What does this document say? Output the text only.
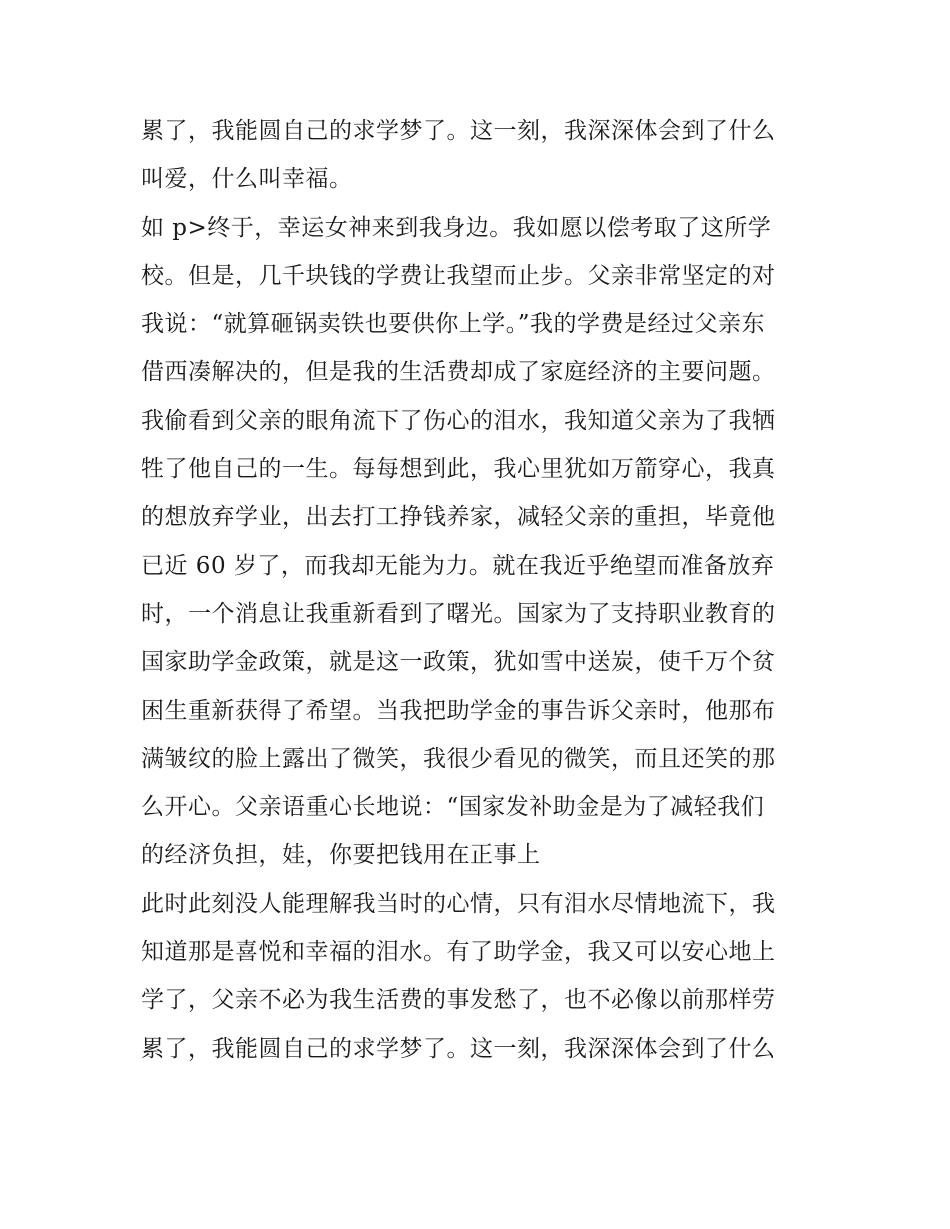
累了，我能圆自己的求学梦了。这一刻，我深深体会到了什么
叫爱，什么叫幸福。
如 p>终于，幸运女神来到我身边。我如愿以偿考取了这所学
校。但是，几千块钱的学费让我望而止步。父亲非常坚定的对
我说：“就算砸锅卖铁也要供你上学。”我的学费是经过父亲东
借西凑解决的，但是我的生活费却成了家庭经济的主要问题。
我偷看到父亲的眼角流下了伤心的泪水，我知道父亲为了我牺
牲了他自己的一生。每每想到此，我心里犹如万箭穿心，我真
的想放弃学业，出去打工挣钱养家，减轻父亲的重担，毕竟他
已近 60 岁了，而我却无能为力。就在我近乎绝望而准备放弃
时，一个消息让我重新看到了曙光。国家为了支持职业教育的
国家助学金政策，就是这一政策，犹如雪中送炭，使千万个贫
困生重新获得了希望。当我把助学金的事告诉父亲时，他那布
满皱纹的脸上露出了微笑，我很少看见的微笑，而且还笑的那
么开心。父亲语重心长地说：“国家发补助金是为了减轻我们
的经济负担，娃，你要把钱用在正事上
此时此刻没人能理解我当时的心情，只有泪水尽情地流下，我
知道那是喜悦和幸福的泪水。有了助学金，我又可以安心地上
学了，父亲不必为我生活费的事发愁了，也不必像以前那样劳
累了，我能圆自己的求学梦了。这一刻，我深深体会到了什么
